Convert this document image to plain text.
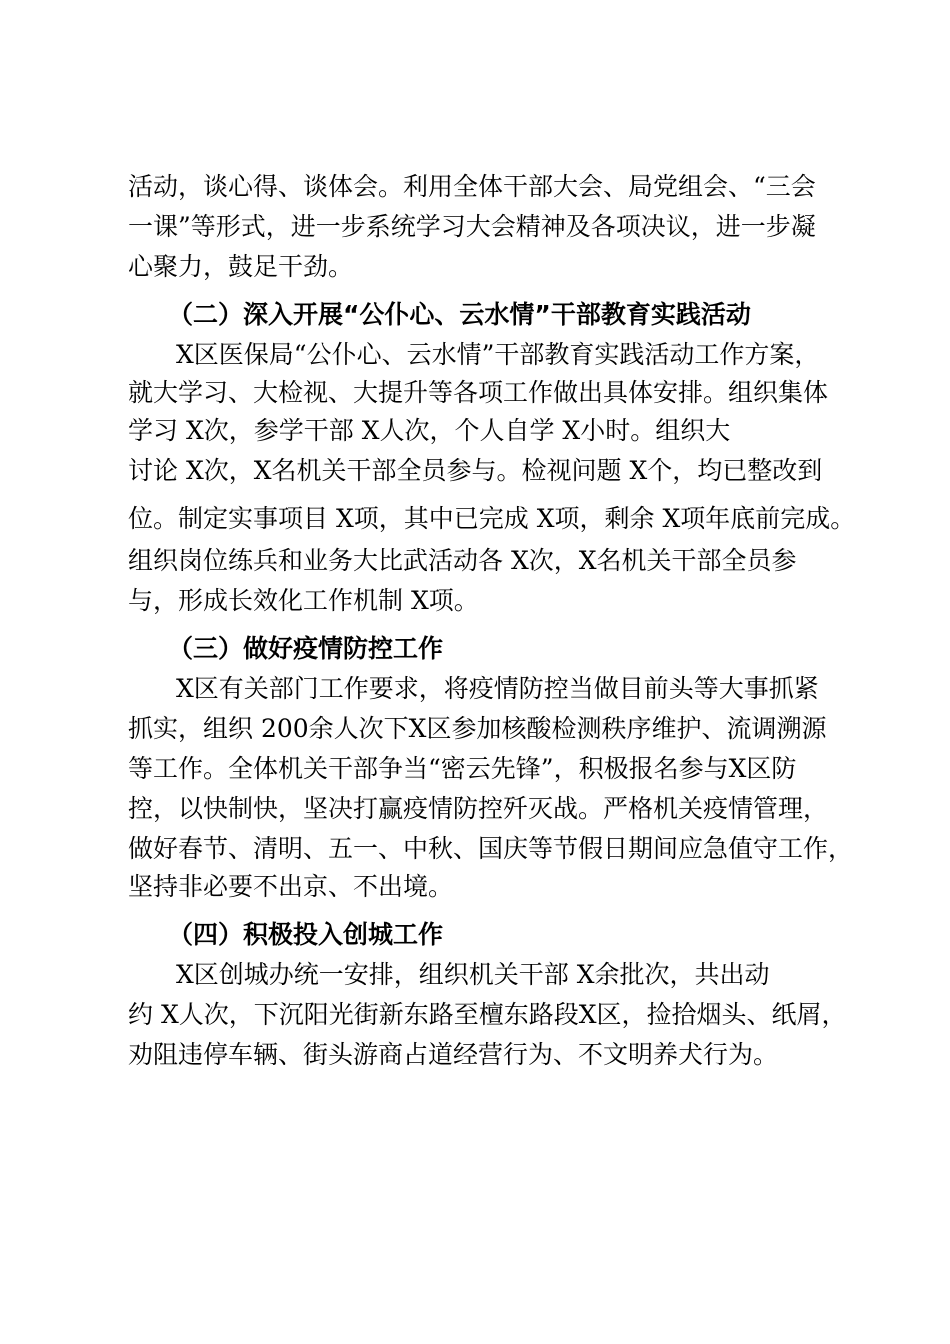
活动，谈心得、谈体会。利用全体干部大会、局党组会、“三会
一课”等形式，进一步系统学习大会精神及各项决议，进一步凝
心聚力，鼓足干劲。
（二）深入开展“公仆心、云水情”干部教育实践活动
X区医保局“公仆心、云水情”干部教育实践活动工作方案，
就大学习、大检视、大提升等各项工作做出具体安排。组织集体
学习 X次，参学干部 X人次，个人自学 X小时。组织大
讨论 X次，X名机关干部全员参与。检视问题 X个，均已整改到
位。制定实事项目 X项，其中已完成 X项，剩余 X项年底前完成。
组织岗位练兵和业务大比武活动各 X次，X名机关干部全员参
与，形成长效化工作机制 X项。
（三）做好疫情防控工作
X区有关部门工作要求，将疫情防控当做目前头等大事抓紧
抓实，组织 200余人次下X区参加核酸检测秩序维护、流调溯源
等工作。全体机关干部争当“密云先锋”，积极报名参与X区防
控，以快制快，坚决打赢疫情防控歼灭战。严格机关疫情管理，
做好春节、清明、五一、中秋、国庆等节假日期间应急值守工作，
坚持非必要不出京、不出境。
（四）积极投入创城工作
X区创城办统一安排，组织机关干部 X余批次，共出动
约 X人次，下沉阳光街新东路至檀东路段X区，捡拾烟头、纸屑，
劝阻违停车辆、街头游商占道经营行为、不文明养犬行为。
